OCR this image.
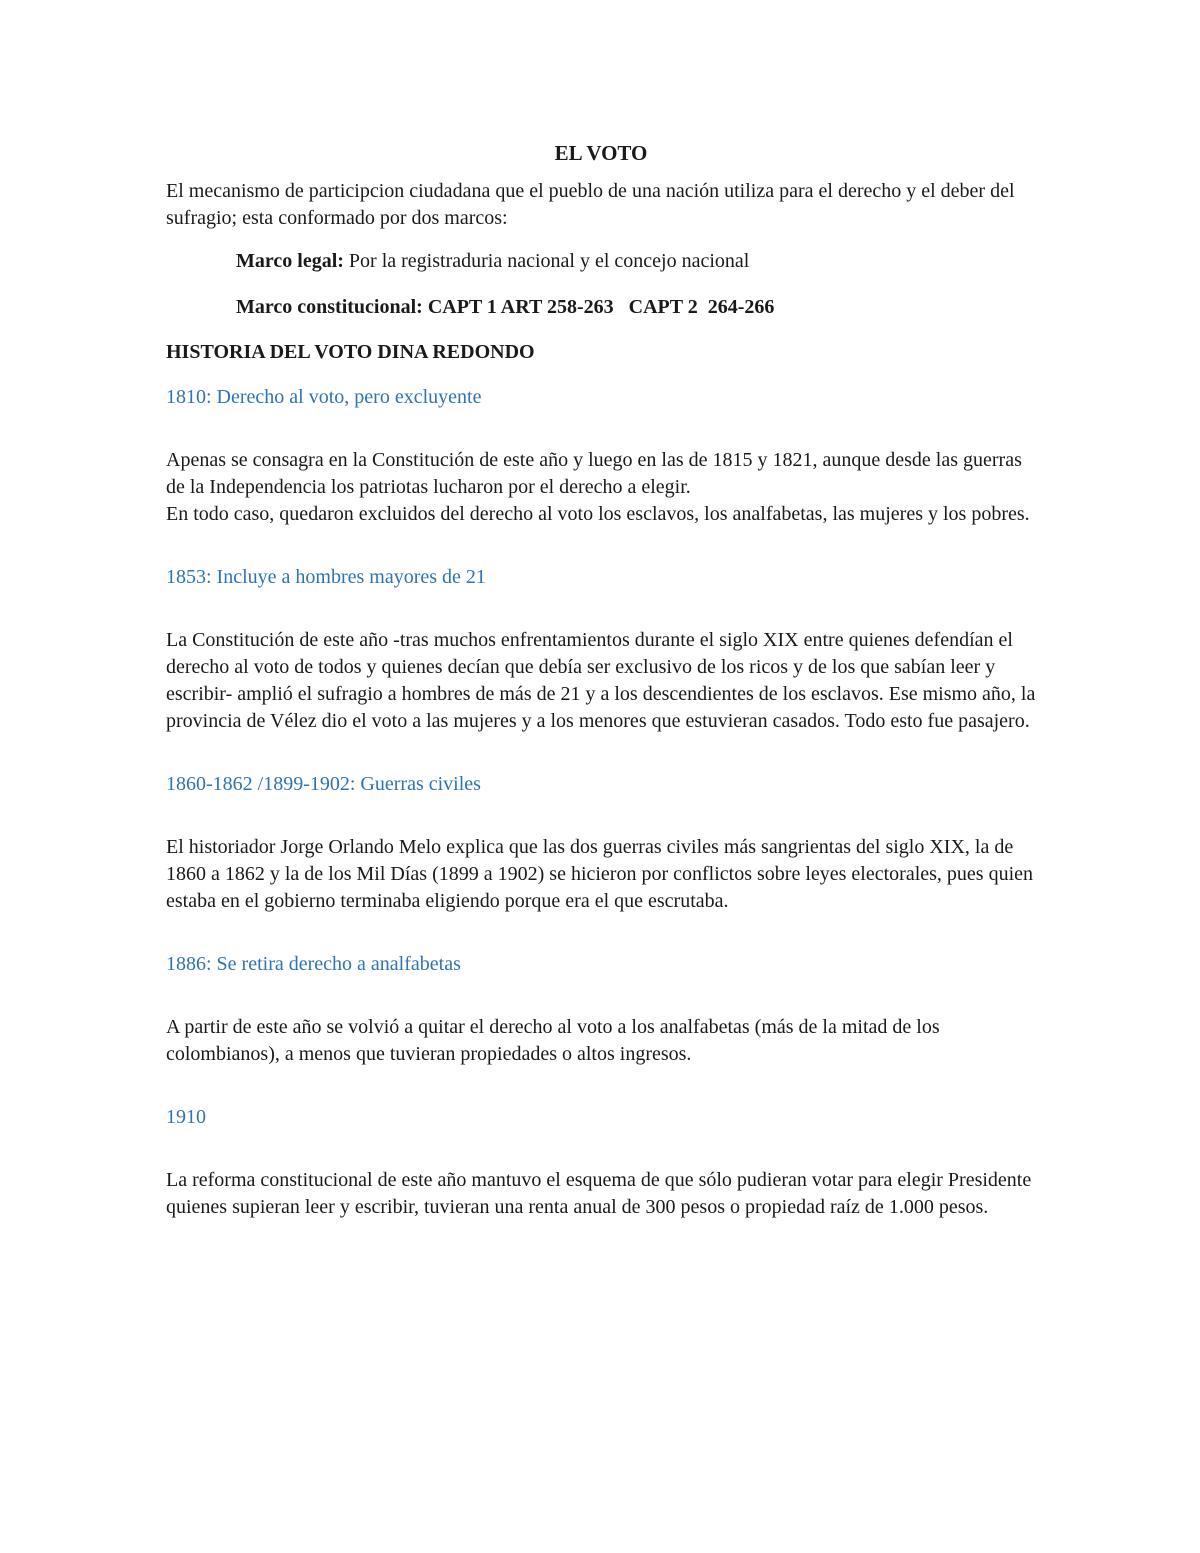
EL VOTO
El mecanismo de participcion ciudadana que el pueblo de una nación utiliza para el derecho y el deber del sufragio; esta conformado por dos marcos:
Marco legal: Por la registraduria nacional y el concejo nacional
Marco constitucional: CAPT 1 ART 258-263   CAPT 2  264-266
HISTORIA DEL VOTO DINA REDONDO
1810: Derecho al voto, pero excluyente
Apenas se consagra en la Constitución de este año y luego en las de 1815 y 1821, aunque desde las guerras de la Independencia los patriotas lucharon por el derecho a elegir.
En todo caso, quedaron excluidos del derecho al voto los esclavos, los analfabetas, las mujeres y los pobres.
1853: Incluye a hombres mayores de 21
La Constitución de este año -tras muchos enfrentamientos durante el siglo XIX entre quienes defendían el derecho al voto de todos y quienes decían que debía ser exclusivo de los ricos y de los que sabían leer y escribir- amplió el sufragio a hombres de más de 21 y a los descendientes de los esclavos. Ese mismo año, la provincia de Vélez dio el voto a las mujeres y a los menores que estuvieran casados. Todo esto fue pasajero.
1860-1862 /1899-1902: Guerras civiles
El historiador Jorge Orlando Melo explica que las dos guerras civiles más sangrientas del siglo XIX, la de 1860 a 1862 y la de los Mil Días (1899 a 1902) se hicieron por conflictos sobre leyes electorales, pues quien estaba en el gobierno terminaba eligiendo porque era el que escrutaba.
1886: Se retira derecho a analfabetas
A partir de este año se volvió a quitar el derecho al voto a los analfabetas (más de la mitad de los colombianos), a menos que tuvieran propiedades o altos ingresos.
1910
La reforma constitucional de este año mantuvo el esquema de que sólo pudieran votar para elegir Presidente quienes supieran leer y escribir, tuvieran una renta anual de 300 pesos o propiedad raíz de 1.000 pesos.
